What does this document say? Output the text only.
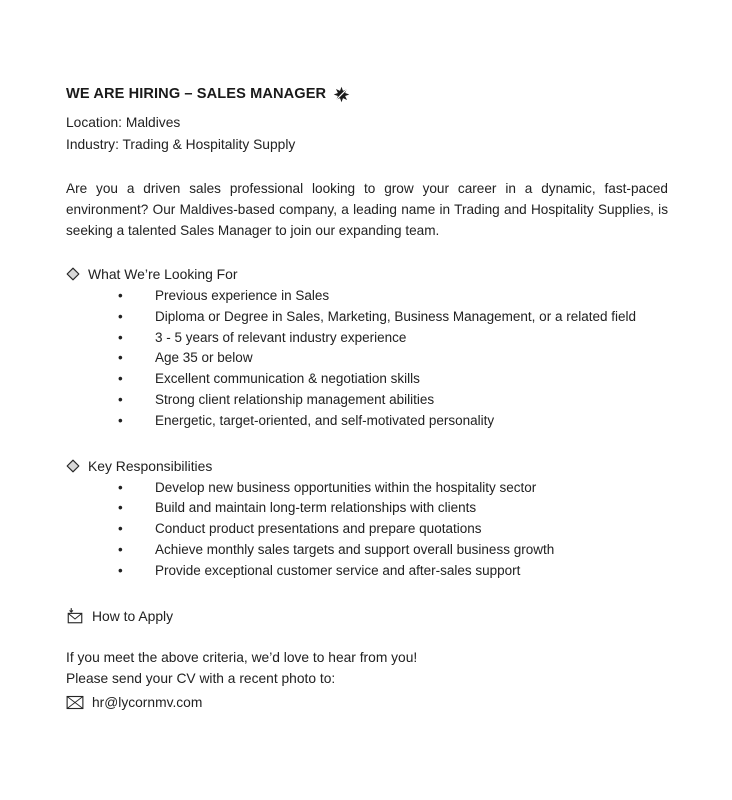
WE ARE HIRING – SALES MANAGER
Location: Maldives
Industry: Trading & Hospitality Supply

Are you a driven sales professional looking to grow your career in a dynamic, fast-paced environment? Our Maldives-based company, a leading name in Trading and Hospitality Supplies, is seeking a talented Sales Manager to join our expanding team.

What We’re Looking For
•	Previous experience in Sales
•	Diploma or Degree in Sales, Marketing, Business Management, or a related field
•	3 - 5 years of relevant industry experience
•	Age 35 or below
•	Excellent communication & negotiation skills
•	Strong client relationship management abilities
•	Energetic, target-oriented, and self-motivated personality
Key Responsibilities
•	Develop new business opportunities within the hospitality sector
•	Build and maintain long-term relationships with clients
•	Conduct product presentations and prepare quotations
•	Achieve monthly sales targets and support overall business growth
•	Provide exceptional customer service and after-sales support
How to Apply

If you meet the above criteria, we’d love to hear from you!

Please send your CV with a recent photo to:

hr@lycornmv.com
